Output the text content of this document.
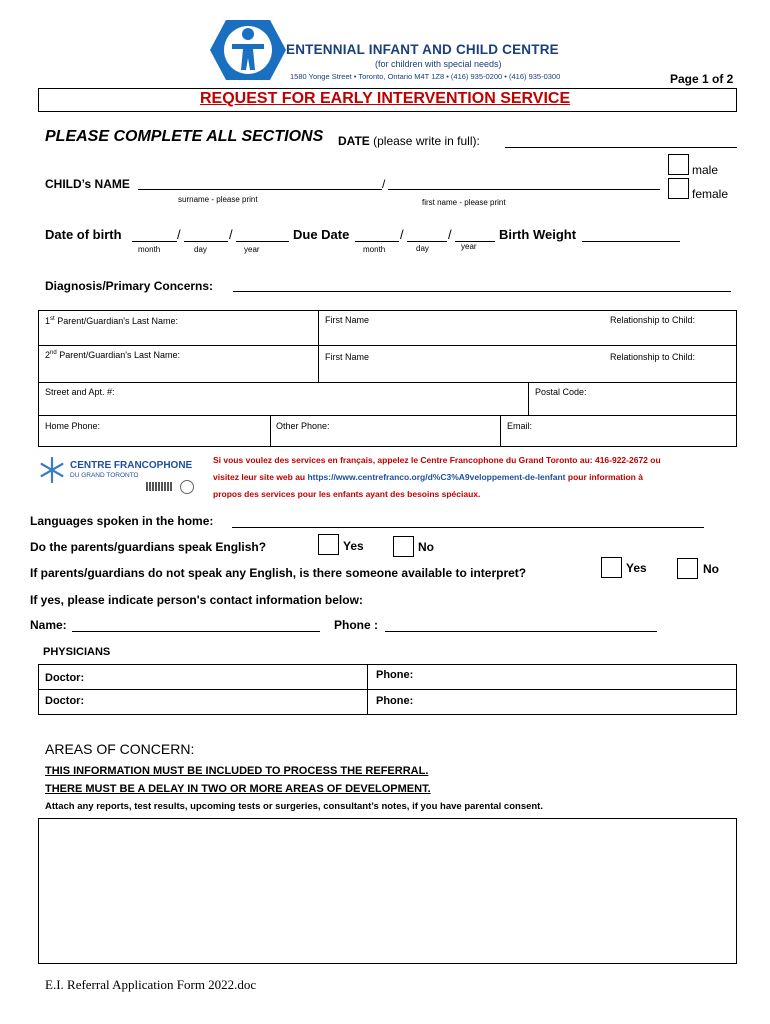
ENTENNIAL INFANT AND CHILD CENTRE
(for children with special needs)
1580 Yonge Street • Toronto, Ontario M4T 1Z8 • (416) 935-0200 • (416) 935-0300	Page 1 of 2
REQUEST FOR EARLY INTERVENTION SERVICE
PLEASE COMPLETE ALL SECTIONS DATE (please write in full):
male
female
CHILD’s NAME	/
surname - please print	first name - please print
Date of birth	/	/
month	day	year
Due Date	/	/
month	day	year
Birth Weight
Diagnosis/Primary Concerns:
1st Parent/Guardian's Last Name:	First Name	Relationship to Child:
2nd Parent/Guardian's Last Name:	First Name	Relationship to Child:
Street and Apt. #:	Postal Code:
Home Phone:	Other Phone:	Email:
CENTRE FRANCOPHONE
DU GRAND TORONTO
Si vous voulez des services en français, appelez le Centre Francophone du Grand Toronto au: 416-922-2672 ou
visitez leur site web au https://www.centrefranco.org/d%C3%A9veloppement-de-lenfant pour information à
propos des services pour les enfants ayant des besoins spéciaux.
Languages spoken in the home:
Do the parents/guardians speak English?	Yes	No
If parents/guardians do not speak any English, is there someone available to interpret?	Yes	No
If yes, please indicate person's contact information below:
Name:	Phone :
PHYSICIANS
Doctor:	Phone:
Doctor:	Phone:
AREAS OF CONCERN:
THIS INFORMATION MUST BE INCLUDED TO PROCESS THE REFERRAL.
THERE MUST BE A DELAY IN TWO OR MORE AREAS OF DEVELOPMENT.
Attach any reports, test results, upcoming tests or surgeries, consultant’s notes, if you have parental consent.
E.I. Referral Application Form 2022.doc
